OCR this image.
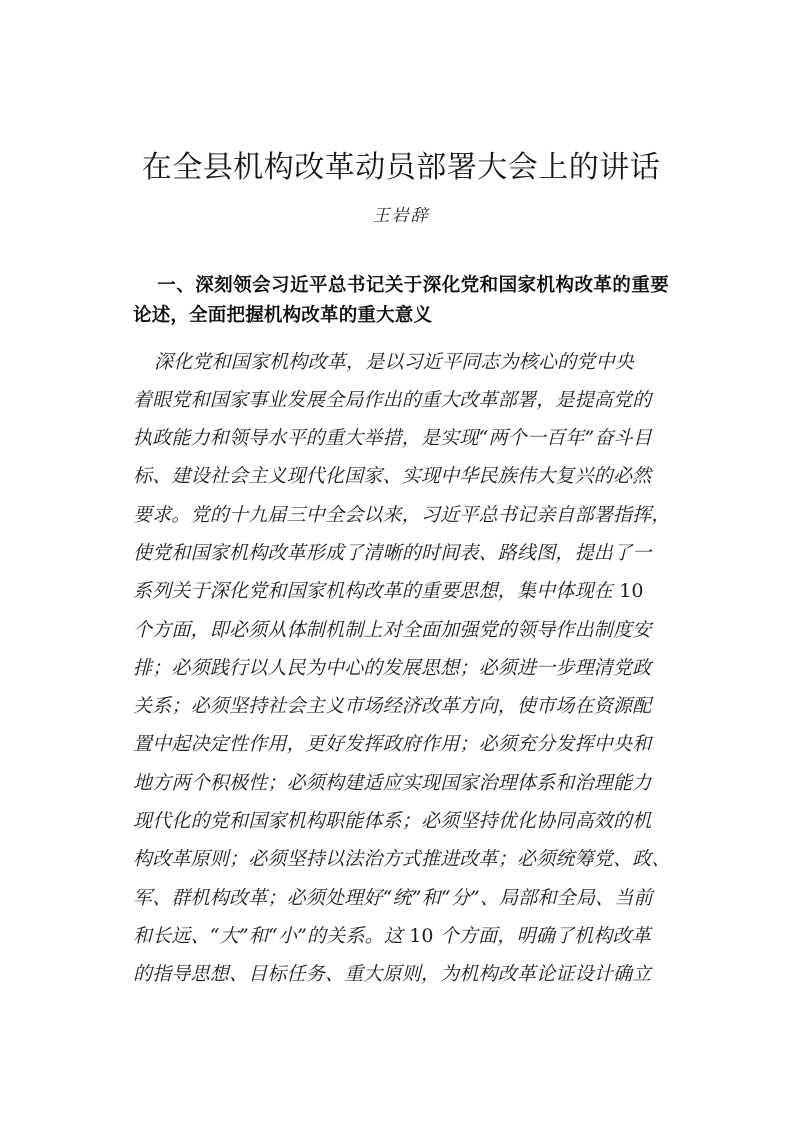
在全县机构改革动员部署大会上的讲话
王岩辞
一、深刻领会习近平总书记关于深化党和国家机构改革的重要论述，全面把握机构改革的重大意义

深化党和国家机构改革，是以习近平同志为核心的党中央
着眼党和国家事业发展全局作出的重大改革部署，是提高党的
执政能力和领导水平的重大举措，是实现“两个一百年”奋斗目
标、建设社会主义现代化国家、实现中华民族伟大复兴的必然
要求。党的十九届三中全会以来，习近平总书记亲自部署指挥，
使党和国家机构改革形成了清晰的时间表、路线图，提出了一
系列关于深化党和国家机构改革的重要思想，集中体现在 10
个方面，即必须从体制机制上对全面加强党的领导作出制度安
排；必须践行以人民为中心的发展思想；必须进一步理清党政
关系；必须坚持社会主义市场经济改革方向，使市场在资源配
置中起决定性作用，更好发挥政府作用；必须充分发挥中央和
地方两个积极性；必须构建适应实现国家治理体系和治理能力
现代化的党和国家机构职能体系；必须坚持优化协同高效的机
构改革原则；必须坚持以法治方式推进改革；必须统筹党、政、
军、群机构改革；必须处理好“统”和“分”、局部和全局、当前
和长远、“大”和“小”的关系。这 10 个方面，明确了机构改革
的指导思想、目标任务、重大原则，为机构改革论证设计确立
